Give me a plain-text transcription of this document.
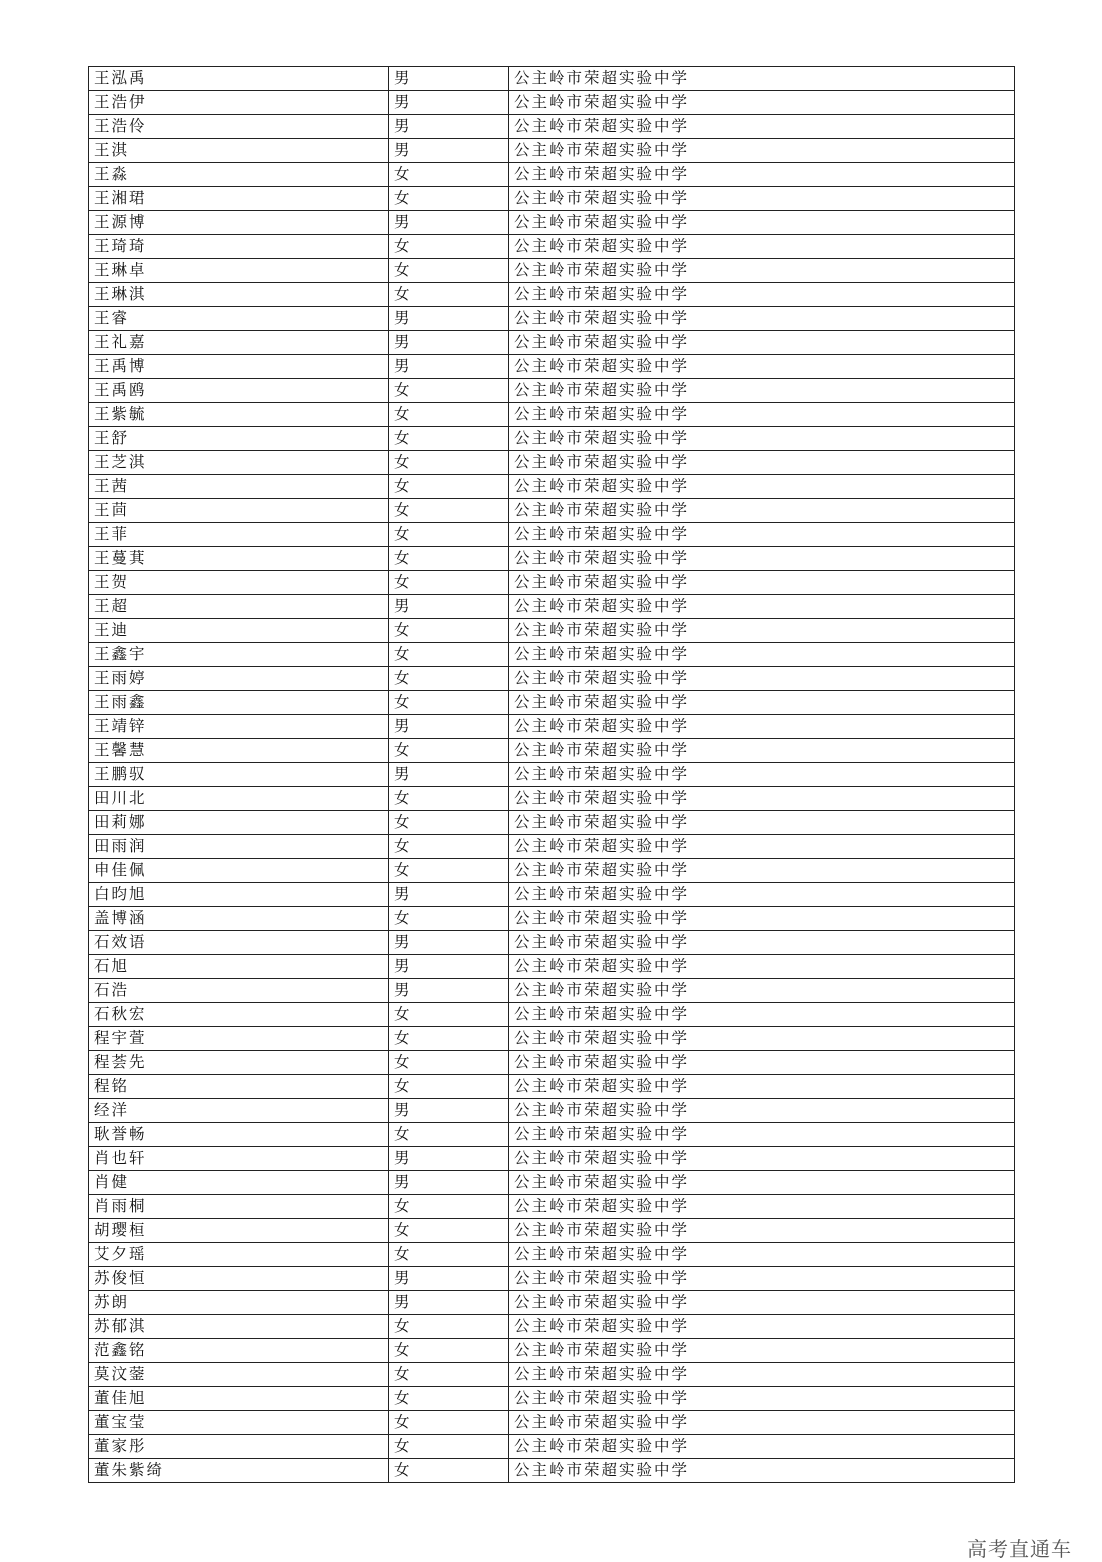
王泓禹	男	公主岭市荣超实验中学
王浩伊	男	公主岭市荣超实验中学
王浩伶	男	公主岭市荣超实验中学
王淇	男	公主岭市荣超实验中学
王淼	女	公主岭市荣超实验中学
王湘珺	女	公主岭市荣超实验中学
王源博	男	公主岭市荣超实验中学
王琦琦	女	公主岭市荣超实验中学
王琳卓	女	公主岭市荣超实验中学
王琳淇	女	公主岭市荣超实验中学
王睿	男	公主岭市荣超实验中学
王礼嘉	男	公主岭市荣超实验中学
王禹博	男	公主岭市荣超实验中学
王禹鸥	女	公主岭市荣超实验中学
王紫毓	女	公主岭市荣超实验中学
王舒	女	公主岭市荣超实验中学
王芝淇	女	公主岭市荣超实验中学
王茜	女	公主岭市荣超实验中学
王茴	女	公主岭市荣超实验中学
王菲	女	公主岭市荣超实验中学
王蔓萁	女	公主岭市荣超实验中学
王贺	女	公主岭市荣超实验中学
王超	男	公主岭市荣超实验中学
王迪	女	公主岭市荣超实验中学
王鑫宇	女	公主岭市荣超实验中学
王雨婷	女	公主岭市荣超实验中学
王雨鑫	女	公主岭市荣超实验中学
王靖锌	男	公主岭市荣超实验中学
王馨慧	女	公主岭市荣超实验中学
王鹏驭	男	公主岭市荣超实验中学
田川北	女	公主岭市荣超实验中学
田莉娜	女	公主岭市荣超实验中学
田雨润	女	公主岭市荣超实验中学
申佳佩	女	公主岭市荣超实验中学
白昀旭	男	公主岭市荣超实验中学
盖博涵	女	公主岭市荣超实验中学
石效语	男	公主岭市荣超实验中学
石旭	男	公主岭市荣超实验中学
石浩	男	公主岭市荣超实验中学
石秋宏	女	公主岭市荣超实验中学
程宇萱	女	公主岭市荣超实验中学
程荟先	女	公主岭市荣超实验中学
程铭	女	公主岭市荣超实验中学
经洋	男	公主岭市荣超实验中学
耿誉畅	女	公主岭市荣超实验中学
肖也轩	男	公主岭市荣超实验中学
肖健	男	公主岭市荣超实验中学
肖雨桐	女	公主岭市荣超实验中学
胡璎桓	女	公主岭市荣超实验中学
艾夕瑶	女	公主岭市荣超实验中学
苏俊恒	男	公主岭市荣超实验中学
苏朗	男	公主岭市荣超实验中学
苏郁淇	女	公主岭市荣超实验中学
范鑫铭	女	公主岭市荣超实验中学
莫汶蓥	女	公主岭市荣超实验中学
董佳旭	女	公主岭市荣超实验中学
董宝莹	女	公主岭市荣超实验中学
董家彤	女	公主岭市荣超实验中学
董朱紫绮	女	公主岭市荣超实验中学
高考直通车
